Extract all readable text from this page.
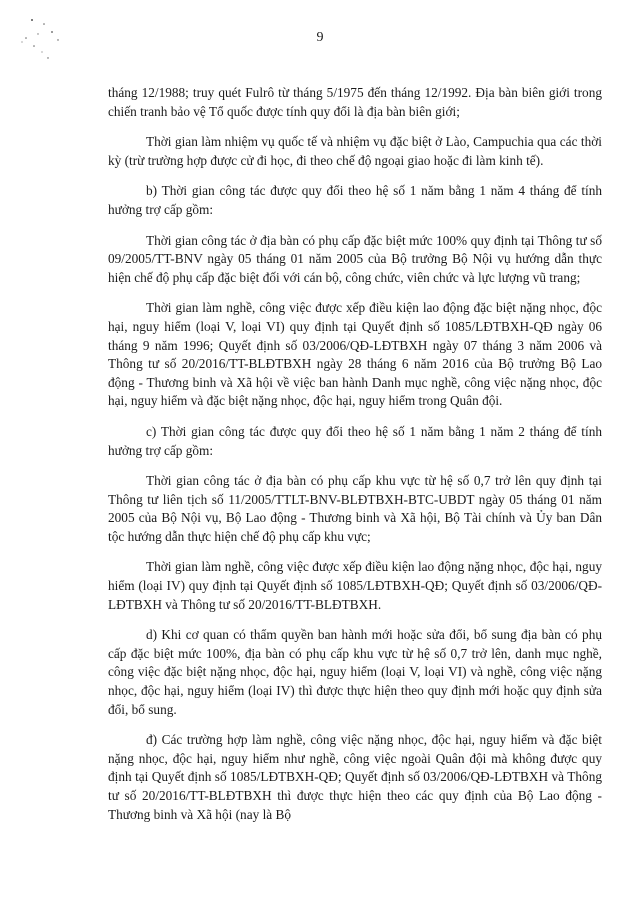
9

tháng 12/1988; truy quét Fulrô từ tháng 5/1975 đến tháng 12/1992. Địa bàn biên giới trong chiến tranh bảo vệ Tổ quốc được tính quy đổi là địa bàn biên giới;

Thời gian làm nhiệm vụ quốc tế và nhiệm vụ đặc biệt ở Lào, Campuchia qua các thời kỳ (trừ trường hợp được cử đi học, đi theo chế độ ngoại giao hoặc đi làm kinh tế).

b) Thời gian công tác được quy đổi theo hệ số 1 năm bằng 1 năm 4 tháng để tính hưởng trợ cấp gồm:

Thời gian công tác ở địa bàn có phụ cấp đặc biệt mức 100% quy định tại Thông tư số 09/2005/TT-BNV ngày 05 tháng 01 năm 2005 của Bộ trưởng Bộ Nội vụ hướng dẫn thực hiện chế độ phụ cấp đặc biệt đối với cán bộ, công chức, viên chức và lực lượng vũ trang;

Thời gian làm nghề, công việc được xếp điều kiện lao động đặc biệt nặng nhọc, độc hại, nguy hiểm (loại V, loại VI) quy định tại Quyết định số 1085/LĐTBXH-QĐ ngày 06 tháng 9 năm 1996; Quyết định số 03/2006/QĐ-LĐTBXH ngày 07 tháng 3 năm 2006 và Thông tư số 20/2016/TT-BLĐTBXH ngày 28 tháng 6 năm 2016 của Bộ trưởng Bộ Lao động - Thương binh và Xã hội về việc ban hành Danh mục nghề, công việc nặng nhọc, độc hại, nguy hiểm và đặc biệt nặng nhọc, độc hại, nguy hiểm trong Quân đội.

c) Thời gian công tác được quy đổi theo hệ số 1 năm bằng 1 năm 2 tháng để tính hưởng trợ cấp gồm:

Thời gian công tác ở địa bàn có phụ cấp khu vực từ hệ số 0,7 trở lên quy định tại Thông tư liên tịch số 11/2005/TTLT-BNV-BLĐTBXH-BTC-UBDT ngày 05 tháng 01 năm 2005 của Bộ Nội vụ, Bộ Lao động - Thương binh và Xã hội, Bộ Tài chính và Ủy ban Dân tộc hướng dẫn thực hiện chế độ phụ cấp khu vực;

Thời gian làm nghề, công việc được xếp điều kiện lao động nặng nhọc, độc hại, nguy hiểm (loại IV) quy định tại Quyết định số 1085/LĐTBXH-QĐ; Quyết định số 03/2006/QĐ-LĐTBXH và Thông tư số 20/2016/TT-BLĐTBXH.

d) Khi cơ quan có thẩm quyền ban hành mới hoặc sửa đổi, bổ sung địa bàn có phụ cấp đặc biệt mức 100%, địa bàn có phụ cấp khu vực từ hệ số 0,7 trở lên, danh mục nghề, công việc đặc biệt nặng nhọc, độc hại, nguy hiểm (loại V, loại VI) và nghề, công việc nặng nhọc, độc hại, nguy hiểm (loại IV) thì được thực hiện theo quy định mới hoặc quy định sửa đổi, bổ sung.

đ) Các trường hợp làm nghề, công việc nặng nhọc, độc hại, nguy hiểm và đặc biệt nặng nhọc, độc hại, nguy hiểm như nghề, công việc ngoài Quân đội mà không được quy định tại Quyết định số 1085/LĐTBXH-QĐ; Quyết định số 03/2006/QĐ-LĐTBXH và Thông tư số 20/2016/TT-BLĐTBXH thì được thực hiện theo các quy định của Bộ Lao động - Thương binh và Xã hội (nay là Bộ
